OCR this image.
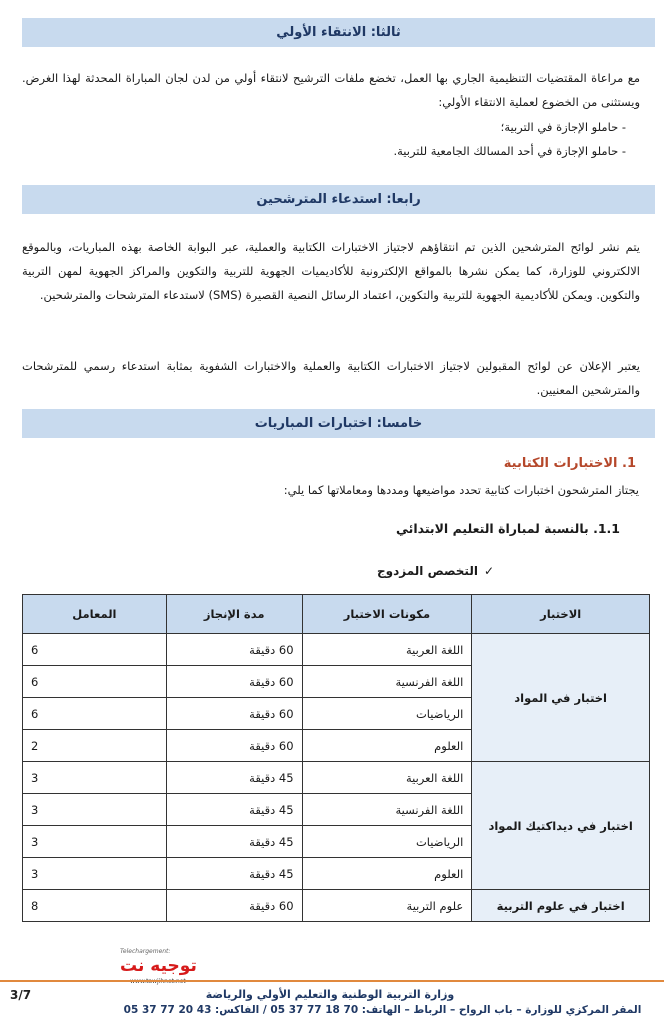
ثالثا: الانتقاء الأولي

مع مراعاة المقتضيات التنظيمية الجاري بها العمل، تخضع ملفات الترشيح لانتقاء أولي من لدن لجان المباراة المحدثة لهذا الغرض. ويستثنى من الخضوع لعملية الانتقاء الأولي:

- حاملو الإجازة في التربية؛
- حاملو الإجازة في أحد المسالك الجامعية للتربية.
رابعا: استدعاء المترشحين

يتم نشر لوائح المترشحين الذين تم انتقاؤهم لاجتياز الاختبارات الكتابية والعملية، عبر البوابة الخاصة بهذه المباريات، وبالموقع الالكتروني للوزارة، كما يمكن نشرها بالمواقع الإلكترونية للأكاديميات الجهوية للتربية والتكوين والمراكز الجهوية لمهن التربية والتكوين. ويمكن للأكاديمية الجهوية للتربية والتكوين، اعتماد الرسائل النصية القصيرة (SMS) لاستدعاء المترشحات والمترشحين.

يعتبر الإعلان عن لوائح المقبولين لاجتياز الاختبارات الكتابية والعملية والاختبارات الشفوية بمثابة استدعاء رسمي للمترشحات والمترشحين المعنيين.

خامسا: اختبارات المباريات
1. الاختبارات الكتابية
يجتاز المترشحون اختبارات كتابية تحدد مواضيعها ومددها ومعاملاتها كما يلي:
1.1. بالنسبة لمباراة التعليم الابتدائي
✓التخصص المزدوج
الاختبار	مكونات الاختبار	مدة الإنجاز	المعامل
اختبار في المواد	اللغة العربية	60 دقيقة	6
	اللغة الفرنسية	60 دقيقة	6
	الرياضيات	60 دقيقة	6
	العلوم	60 دقيقة	2
اختبار في ديداكتيك المواد	اللغة العربية	45 دقيقة	3
	اللغة الفرنسية	45 دقيقة	3
	الرياضيات	45 دقيقة	3
	العلوم	45 دقيقة	3
اختبار في علوم التربية	علوم التربية	60 دقيقة	8
Telechargement:
توجيه نت
3/7	وزارة التربية الوطنية والتعليم الأولي والرياضة
المقر المركزي للوزارة – باب الرواح – الرباط – الهاتف: 70 18 77 37 05 / الفاكس: 43 20 77 37 05
